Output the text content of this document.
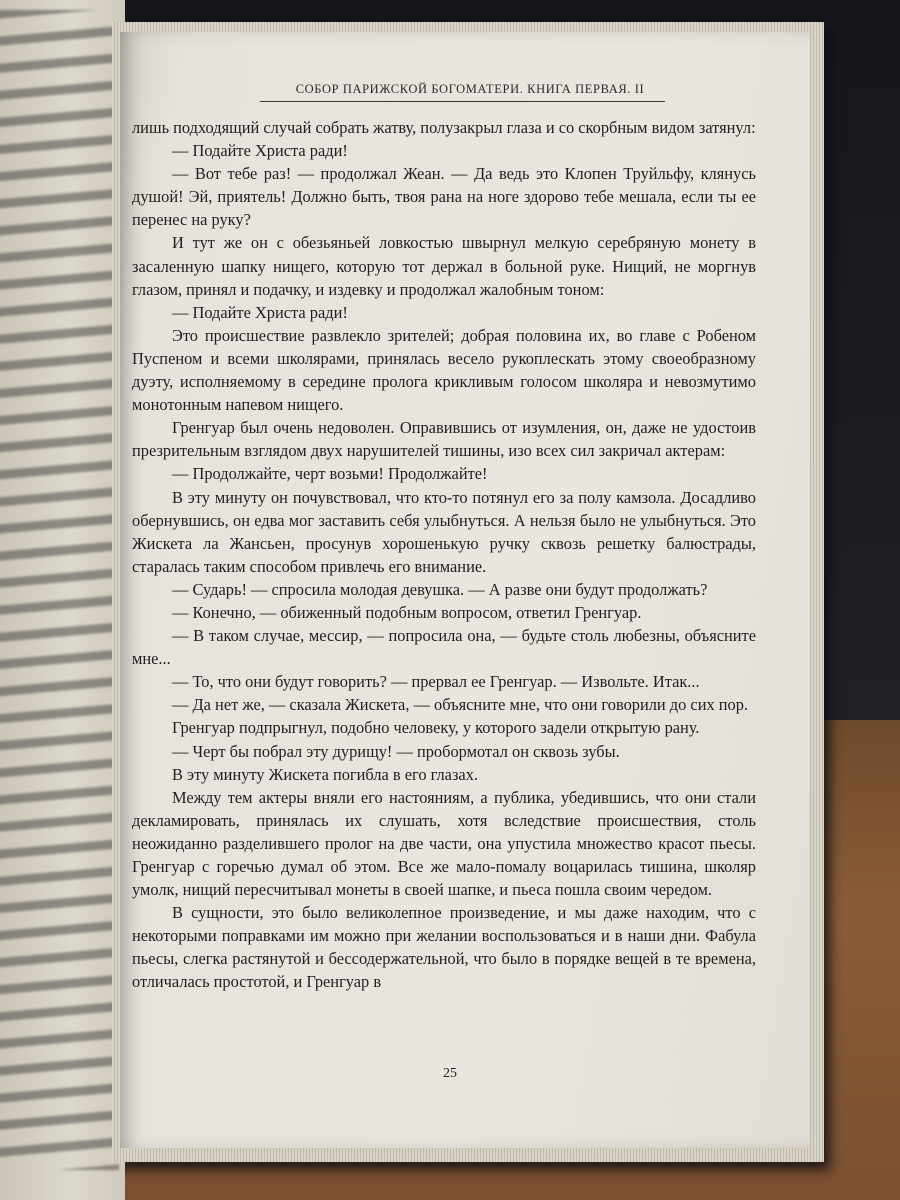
СОБОР ПАРИЖСКОЙ БОГОМАТЕРИ. КНИГА ПЕРВАЯ. II

лишь подходящий случай собрать жатву, полузакрыл глаза и со скорбным видом затянул:

— Подайте Христа ради!

— Вот тебе раз! — продолжал Жеан. — Да ведь это Клопен Труйльфу, клянусь душой! Эй, приятель! Должно быть, твоя рана на ноге здорово тебе мешала, если ты ее перенес на руку?

И тут же он с обезьяньей ловкостью швырнул мелкую серебряную монету в засаленную шапку нищего, которую тот держал в больной руке. Нищий, не моргнув глазом, принял и подачку, и издевку и продолжал жалобным тоном:

— Подайте Христа ради!

Это происшествие развлекло зрителей; добрая половина их, во главе с Робеном Пуспеном и всеми школярами, принялась весело рукоплескать этому своеобразному дуэту, исполняемому в середине пролога крикливым голосом школяра и невозмутимо монотонным напевом нищего.

Гренгуар был очень недоволен. Оправившись от изумления, он, даже не удостоив презрительным взглядом двух нарушителей тишины, изо всех сил закричал актерам:

— Продолжайте, черт возьми! Продолжайте!

В эту минуту он почувствовал, что кто-то потянул его за полу камзола. Досадливо обернувшись, он едва мог заставить себя улыбнуться. А нельзя было не улыбнуться. Это Жискета ла Жансьен, просунув хорошенькую ручку сквозь решетку балюстрады, старалась таким способом привлечь его внимание.

— Сударь! — спросила молодая девушка. — А разве они будут продолжать?

— Конечно, — обиженный подобным вопросом, ответил Гренгуар.

— В таком случае, мессир, — попросила она, — будьте столь любезны, объясните мне...

— То, что они будут говорить? — прервал ее Гренгуар. — Извольте. Итак...

— Да нет же, — сказала Жискета, — объясните мне, что они говорили до сих пор.

Гренгуар подпрыгнул, подобно человеку, у которого задели открытую рану.

— Черт бы побрал эту дурищу! — пробормотал он сквозь зубы.

В эту минуту Жискета погибла в его глазах.

Между тем актеры вняли его настояниям, а публика, убедившись, что они стали декламировать, принялась их слушать, хотя вследствие происшествия, столь неожиданно разделившего пролог на две части, она упустила множество красот пьесы. Гренгуар с горечью думал об этом. Все же мало-помалу воцарилась тишина, школяр умолк, нищий пересчитывал монеты в своей шапке, и пьеса пошла своим чередом.

В сущности, это было великолепное произведение, и мы даже находим, что с некоторыми поправками им можно при желании воспользоваться и в наши дни. Фабула пьесы, слегка растянутой и бессодержательной, что было в порядке вещей в те времена, отличалась простотой, и Гренгуар в

25
